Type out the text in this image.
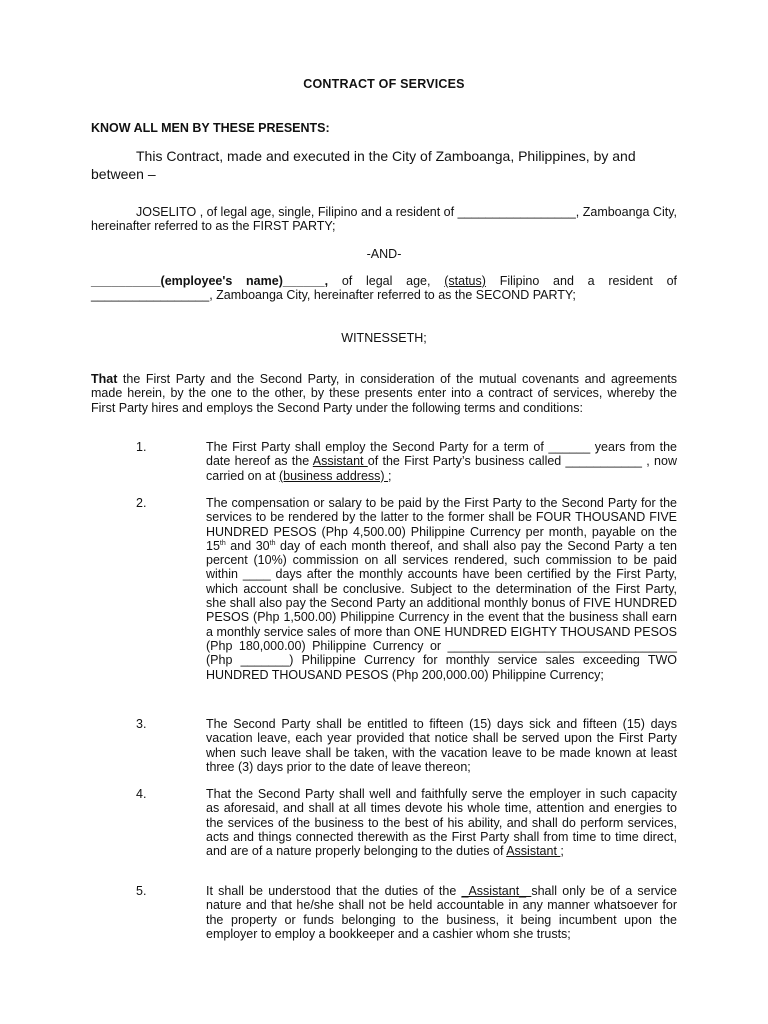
CONTRACT OF SERVICES
KNOW ALL MEN BY THESE PRESENTS:

This Contract, made and executed in the City of Zamboanga, Philippines, by and between –

JOSELITO , of legal age, single, Filipino and a resident of _________________, Zamboanga City, hereinafter referred to as the FIRST PARTY;

-AND-

__________(employee's name)______, of legal age, (status) Filipino and a resident of _________________, Zamboanga City, hereinafter referred to as the SECOND PARTY;

WITNESSETH;

That the First Party and the Second Party, in consideration of the mutual covenants and agreements made herein, by the one to the other, by these presents enter into a contract of services, whereby the First Party hires and employs the Second Party under the following terms and conditions:

1.	The First Party shall employ the Second Party for a term of ______ years from the date hereof as the Assistant of the First Party’s business called ___________ , now carried on at (business address) ;

2.	The compensation or salary to be paid by the First Party to the Second Party for the services to be rendered by the latter to the former shall be FOUR THOUSAND FIVE HUNDRED PESOS (Php 4,500.00) Philippine Currency per month, payable on the 15th and 30th day of each month thereof, and shall also pay the Second Party a ten percent (10%) commission on all services rendered, such commission to be paid within ____ days after the monthly accounts have been certified by the First Party, which account shall be conclusive. Subject to the determination of the First Party, she shall also pay the Second Party an additional monthly bonus of FIVE HUNDRED PESOS (Php 1,500.00) Philippine Currency in the event that the business shall earn a monthly service sales of more than ONE HUNDRED EIGHTY THOUSAND PESOS (Php 180,000.00) Philippine Currency or _________________________________ (Php _______) Philippine Currency for monthly service sales exceeding TWO HUNDRED THOUSAND PESOS (Php 200,000.00) Philippine Currency;

3.	The Second Party shall be entitled to fifteen (15) days sick and fifteen (15) days vacation leave, each year provided that notice shall be served upon the First Party when such leave shall be taken, with the vacation leave to be made known at least three (3) days prior to the date of leave thereon;

4.	That the Second Party shall well and faithfully serve the employer in such capacity as aforesaid, and shall at all times devote his whole time, attention and energies to the services of the business to the best of his ability, and shall do perform services, acts and things connected therewith as the First Party shall from time to time direct, and are of a nature properly belonging to the duties of Assistant ;

5.	It shall be understood that the duties of the _Assistant_ shall only be of a service nature and that he/she shall not be held accountable in any manner whatsoever for the property or funds belonging to the business, it being incumbent upon the employer to employ a bookkeeper and a cashier whom she trusts;
